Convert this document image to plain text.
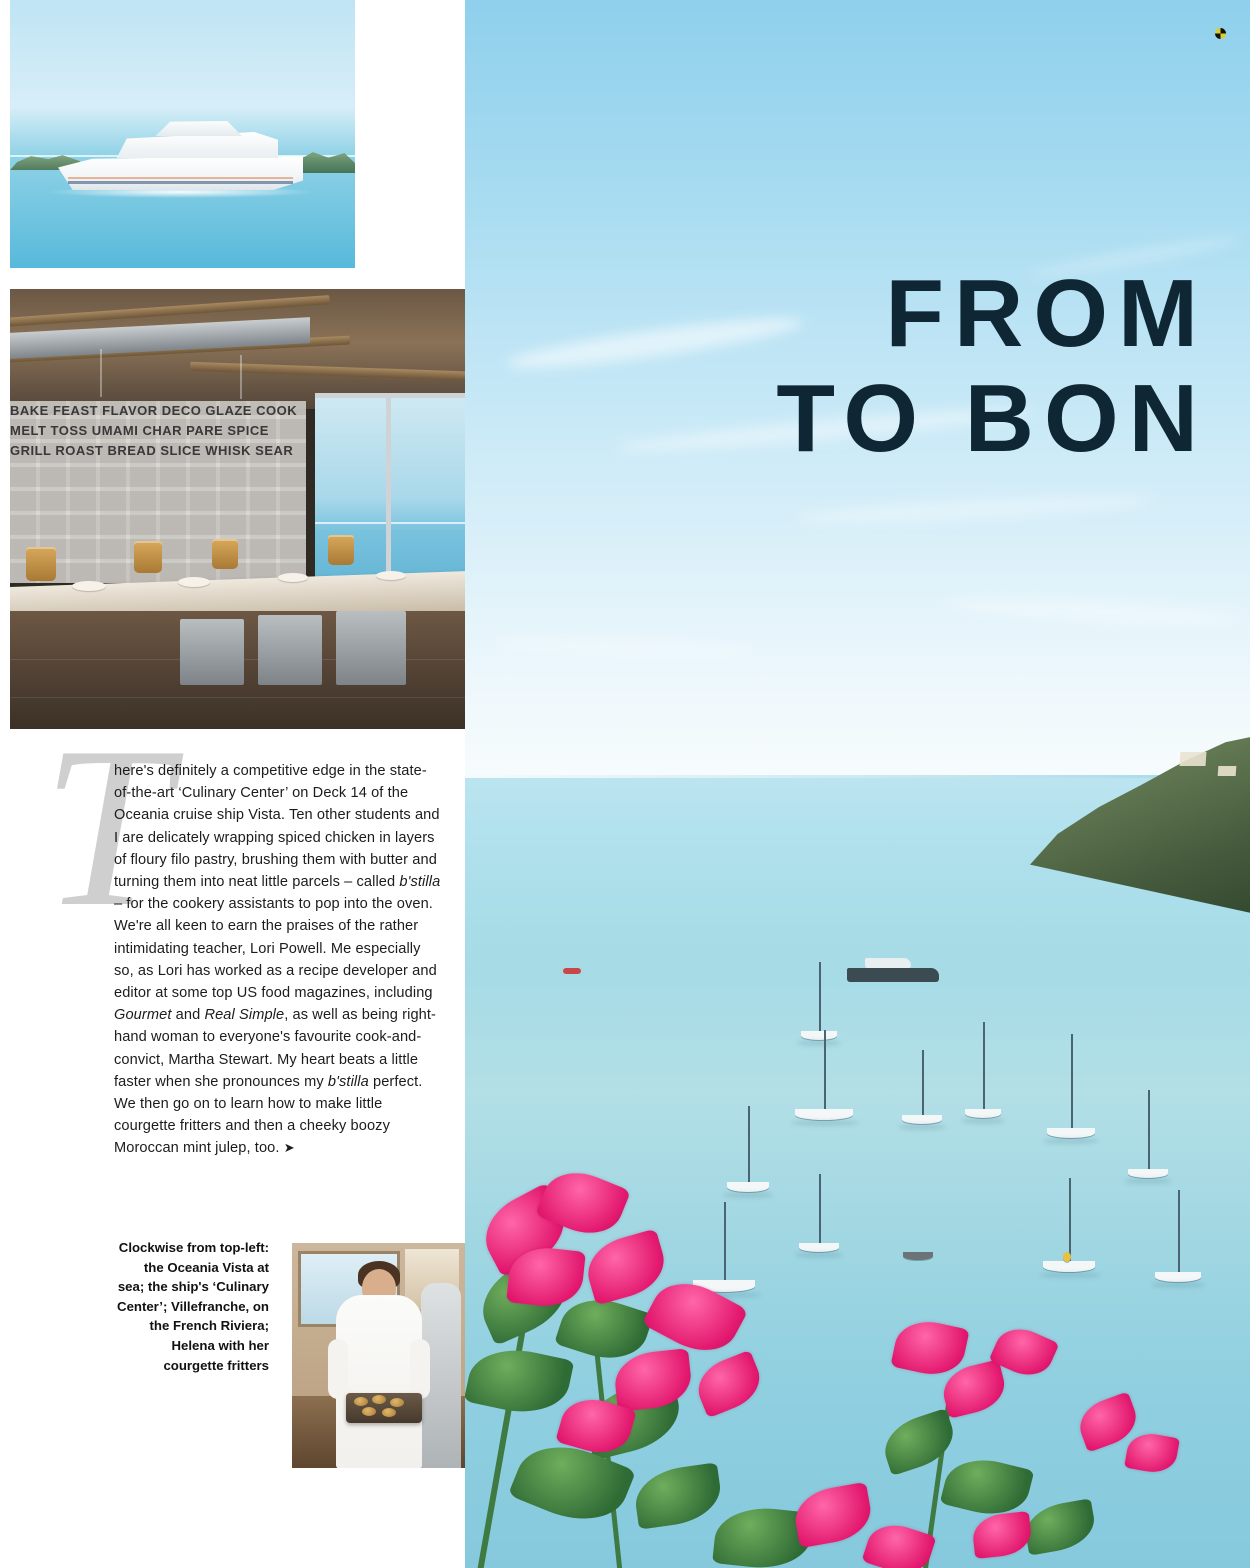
FROM
TO BON
BAKE FEAST FLAVOR DECO GLAZE COOK MELT TOSS UMAMI CHAR PARE SPICE GRILL ROAST BREAD SLICE WHISK SEAR
T
here's definitely a competitive edge in the state-of-the-art ‘Culinary Center’ on Deck 14 of the Oceania cruise ship Vista. Ten other students and I are delicately wrapping spiced chicken in layers of floury filo pastry, brushing them with butter and turning them into neat little parcels – called b'stilla – for the cookery assistants to pop into the oven. We're all keen to earn the praises of the rather intimidating teacher, Lori Powell. Me especially so, as Lori has worked as a recipe developer and editor at some top US food magazines, including Gourmet and Real Simple, as well as being right-hand woman to everyone's favourite cook-and-convict, Martha Stewart. My heart beats a little faster when she pronounces my b'stilla perfect. We then go on to learn how to make little courgette fritters and then a cheeky boozy Moroccan mint julep, too. ➤
Clockwise from top-left: the Oceania Vista at sea; the ship's ‘Culinary Center’; Villefranche, on the French Riviera; Helena with her courgette fritters
